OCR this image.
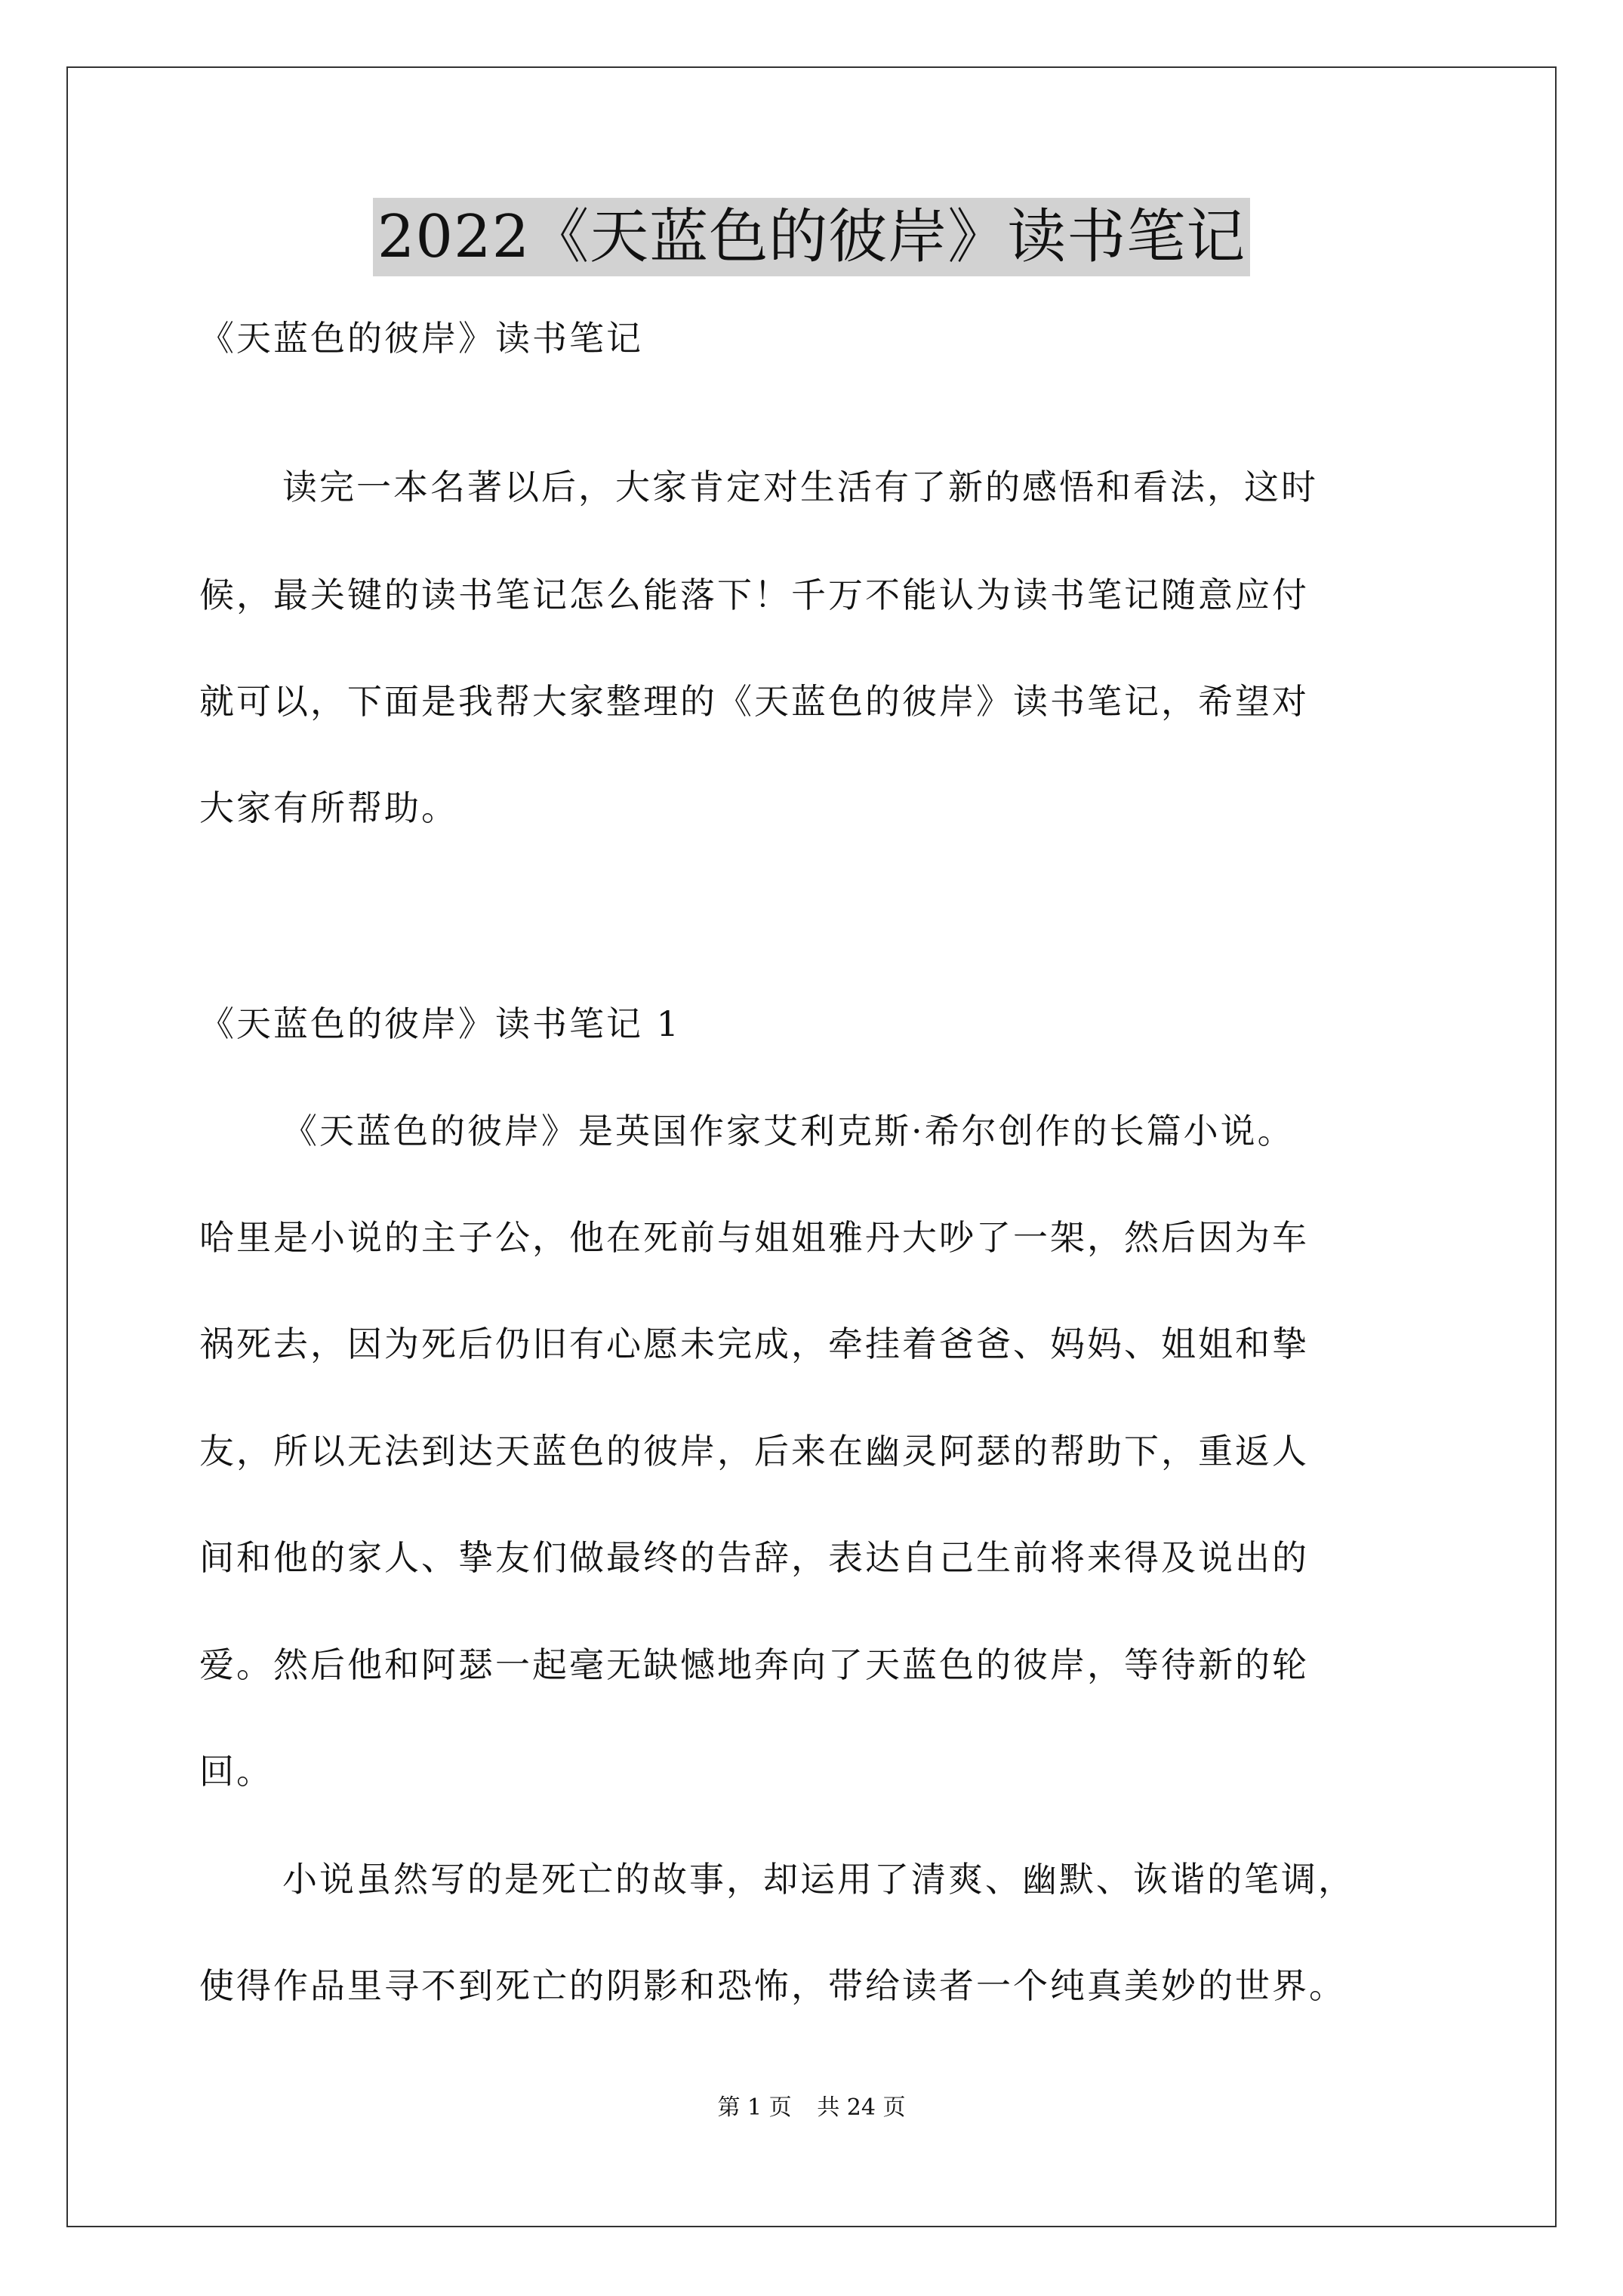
2022《天蓝色的彼岸》读书笔记
《天蓝色的彼岸》读书笔记
读完一本名著以后，大家肯定对生活有了新的感悟和看法，这时
候，最关键的读书笔记怎么能落下！千万不能认为读书笔记随意应付
就可以，下面是我帮大家整理的《天蓝色的彼岸》读书笔记，希望对
大家有所帮助。
《天蓝色的彼岸》读书笔记 1
《天蓝色的彼岸》是英国作家艾利克斯·希尔创作的长篇小说。
哈里是小说的主子公，他在死前与姐姐雅丹大吵了一架，然后因为车
祸死去，因为死后仍旧有心愿未完成，牵挂着爸爸、妈妈、姐姐和挚
友，所以无法到达天蓝色的彼岸，后来在幽灵阿瑟的帮助下，重返人
间和他的家人、挚友们做最终的告辞，表达自己生前将来得及说出的
爱。然后他和阿瑟一起毫无缺憾地奔向了天蓝色的彼岸，等待新的轮
回。
小说虽然写的是死亡的故事，却运用了清爽、幽默、诙谐的笔调，
使得作品里寻不到死亡的阴影和恐怖，带给读者一个纯真美妙的世界。
第 1 页 共 24 页
